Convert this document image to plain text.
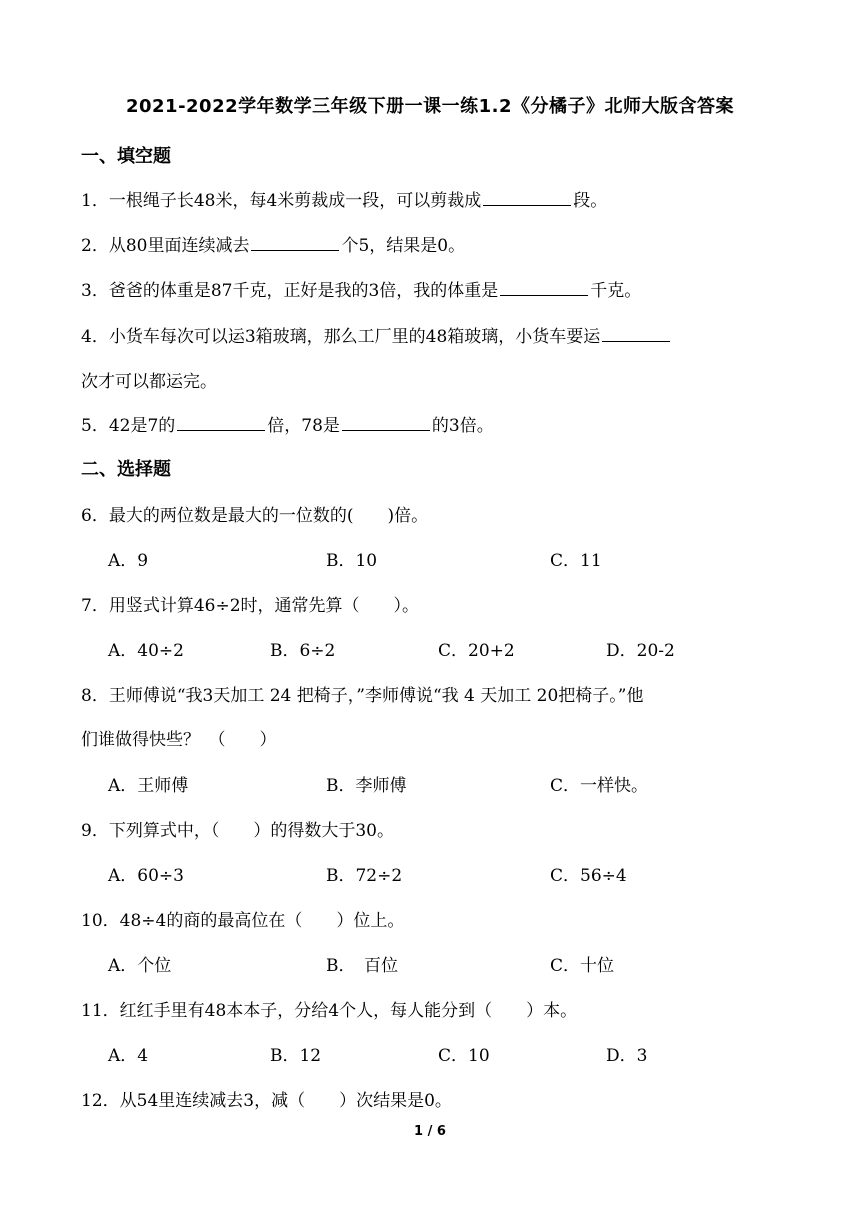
2021-2022学年数学三年级下册一课一练1.2《分橘子》北师大版含答案
一、填空题
1．一根绳子长48米，每4米剪裁成一段，可以剪裁成	段。
2．从80里面连续减去	个5，结果是0。
3．爸爸的体重是87千克，正好是我的3倍，我的体重是	千克。
4．小货车每次可以运3箱玻璃，那么工厂里的48箱玻璃，小货车要运
次才可以都运完。
5．42是7的	倍，78是	的3倍。
二、选择题
6．最大的两位数是最大的一位数的(　　)倍。
A．9	B．10	C．11
7．用竖式计算46÷2时，通常先算（　　）。
A．40÷2	B．6÷2	C．20+2	D．20-2
8．王师傅说“我3天加工 24 把椅子，”李师傅说“我 4 天加工 20把椅子。”他
们谁做得快些？　（　　）
A．王师傅	B．李师傅	C．一样快。
9．下列算式中，（　　）的得数大于30。
A．60÷3	B．72÷2	C．56÷4
10．48÷4的商的最高位在（　　）位上。
A．个位	B．　百位	C．十位
11．红红手里有48本本子，分给4个人，每人能分到（　　）本。
A．4	B．12	C．10	D．3
12．从54里连续减去3，减（　　）次结果是0。
1 / 6
